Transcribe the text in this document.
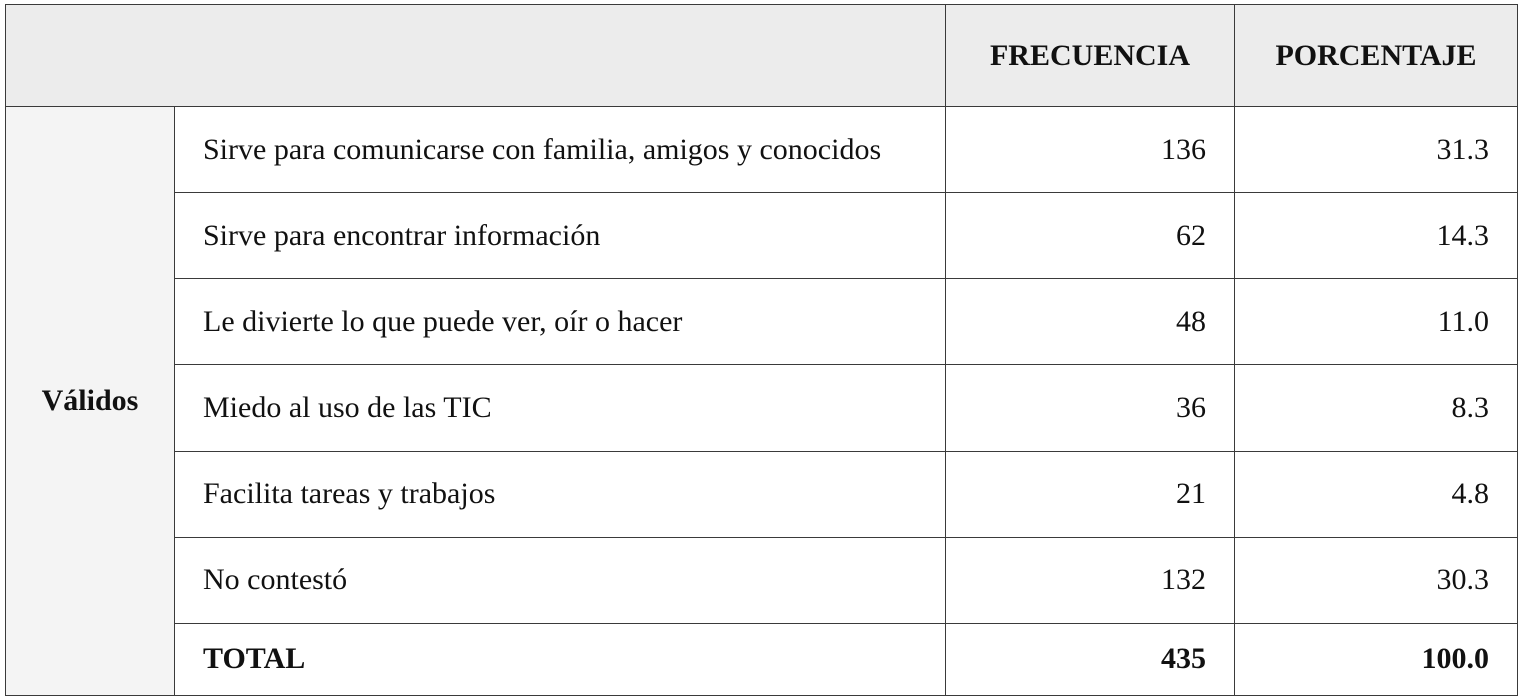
		FRECUENCIA	PORCENTAJE
Válidos	Sirve para comunicarse con familia, amigos y conocidos	136	31.3
	Sirve para encontrar información	62	14.3
	Le divierte lo que puede ver, oír o hacer	48	11.0
	Miedo al uso de las TIC	36	8.3
	Facilita tareas y trabajos	21	4.8
	No contestó	132	30.3
	TOTAL	435	100.0
